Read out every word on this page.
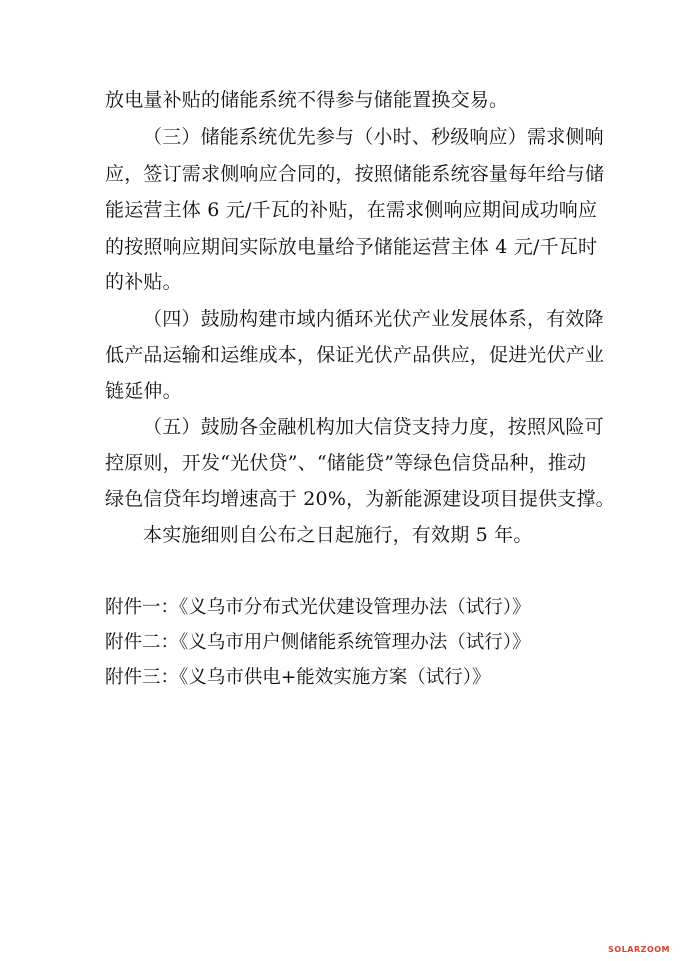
放电量补贴的储能系统不得参与储能置换交易。
（三）储能系统优先参与（小时、秒级响应）需求侧响
应，签订需求侧响应合同的，按照储能系统容量每年给与储
能运营主体 6 元/千瓦的补贴，在需求侧响应期间成功响应
的按照响应期间实际放电量给予储能运营主体 4 元/千瓦时
的补贴。
（四）鼓励构建市域内循环光伏产业发展体系，有效降
低产品运输和运维成本，保证光伏产品供应，促进光伏产业
链延伸。
（五）鼓励各金融机构加大信贷支持力度，按照风险可
控原则，开发“光伏贷”、“储能贷”等绿色信贷品种，推动
绿色信贷年均增速高于 20%，为新能源建设项目提供支撑。
本实施细则自公布之日起施行，有效期 5 年。
附件一：《义乌市分布式光伏建设管理办法（试行）》
附件二：《义乌市用户侧储能系统管理办法（试行）》
附件三：《义乌市供电+能效实施方案（试行）》
SOLARZOOM
